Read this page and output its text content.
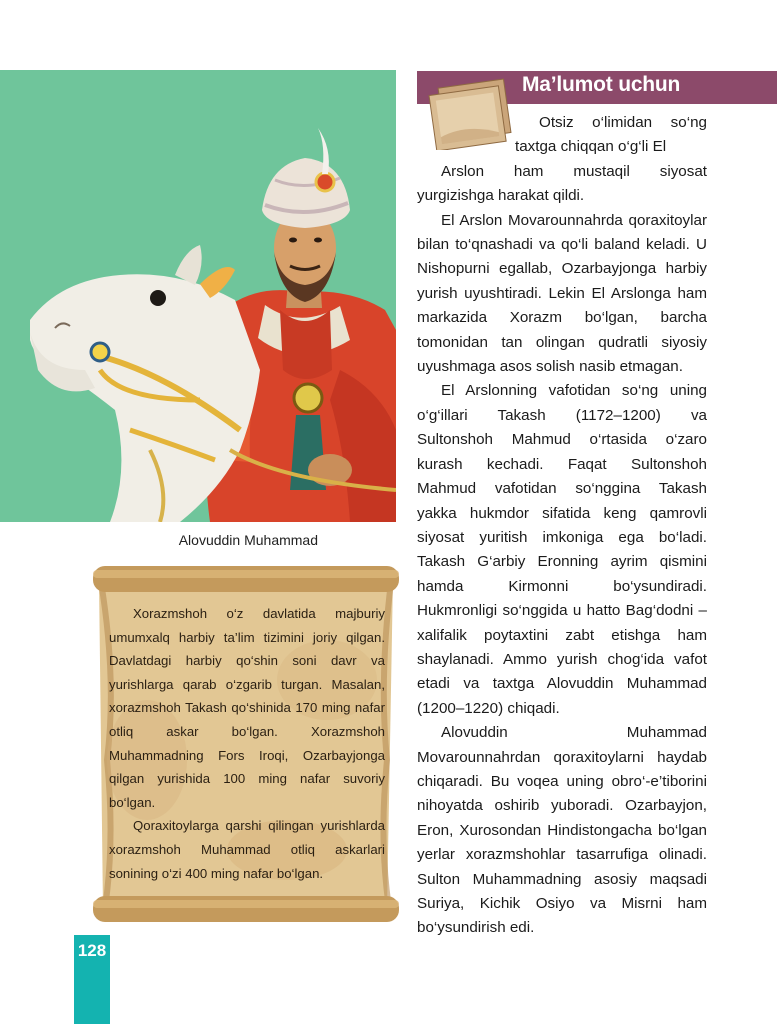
Alovuddin Muhammad

Xorazmshoh o‘z davlatida majburiy umumxalq harbiy ta’lim tizimini joriy qilgan. Davlatdagi harbiy qo‘shin soni davr va yurishlarga qarab o‘zgarib turgan. Masalan, xorazmshoh Takash qo‘shinida 170 ming nafar otliq askar bo‘lgan. Xorazmshoh Muhammadning Fors Iroqi, Ozarbayjonga qilgan yurishida 100 ming nafar suvoriy bo‘lgan.

Qoraxitoylarga qarshi qilingan yurishlarda xorazmshoh Muhammad otliq askarlari sonining o‘zi 400 ming nafar bo‘lgan.

Ma’lumot uchun

Otsiz o‘limidan so‘ng taxtga chiqqan o‘g‘li El
Arslon ham mustaqil siyosat yurgizishga harakat qildi.

El Arslon Movarounnahrda qoraxitoylar bilan to‘qnashadi va qo‘li baland keladi. U Nishopurni egallab, Ozarbayjonga harbiy yurish uyushtiradi. Lekin El Arslonga ham markazida Xorazm bo‘lgan, barcha tomonidan tan olingan qudratli siyosiy uyushmaga asos solish nasib etmagan.

El Arslonning vafotidan so‘ng uning o‘g‘illari Takash (1172–1200) va Sultonshoh Mahmud o‘rtasida o‘zaro kurash kechadi. Faqat Sultonshoh Mahmud vafotidan so‘nggina Takash yakka hukmdor sifatida keng qamrovli siyosat yuritish imkoniga ega bo‘ladi. Takash G‘arbiy Eronning ayrim qismini hamda Kirmonni bo‘ysundiradi. Hukmronligi so‘nggida u hatto Bag‘dodni – xalifalik poytaxtini zabt etishga ham shaylanadi. Ammo yurish chog‘ida vafot etadi va taxtga Alovuddin Muhammad (1200–1220) chiqadi.

Alovuddin Muhammad Movarounnahrdan qoraxitoylarni haydab chiqaradi. Bu voqea uning obro‘-e’tiborini nihoyatda oshirib yuboradi. Ozarbayjon, Eron, Xurosondan Hindistongacha bo‘lgan yerlar xorazmshohlar tasarrufiga olinadi. Sulton Muhammadning asosiy maqsadi Suriya, Kichik Osiyo va Misrni ham bo‘ysundirish edi.

128
